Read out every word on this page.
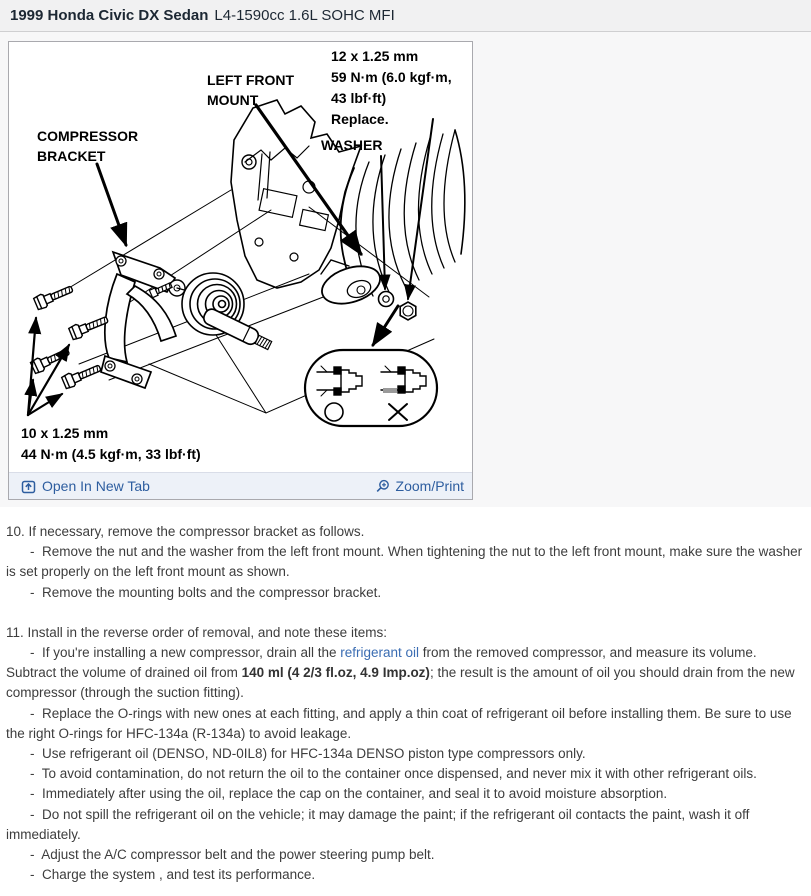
1999 Honda Civic DX Sedan L4-1590cc 1.6L SOHC MFI
12 x 1.25 mm
59 N·m (6.0 kgf·m,
43 lbf·ft)
Replace.
LEFT FRONT
MOUNT
WASHER
COMPRESSOR
BRACKET
10 x 1.25 mm
44 N·m (4.5 kgf·m, 33 lbf·ft)
Open In New Tab	Zoom/Print

10. If necessary, remove the compressor bracket as follows.

-  Remove the nut and the washer from the left front mount. When tightening the nut to the left front mount, make sure the washer is set properly on the left front mount as shown.

-  Remove the mounting bolts and the compressor bracket.

11. Install in the reverse order of removal, and note these items:

-  If you're installing a new compressor, drain all the refrigerant oil from the removed compressor, and measure its volume. Subtract the volume of drained oil from 140 ml (4 2/3 fl.oz, 4.9 Imp.oz); the result is the amount of oil you should drain from the new compressor (through the suction fitting).

-  Replace the O-rings with new ones at each fitting, and apply a thin coat of refrigerant oil before installing them. Be sure to use the right O-rings for HFC-134a (R-134a) to avoid leakage.

-  Use refrigerant oil (DENSO, ND-0IL8) for HFC-134a DENSO piston type compressors only.

-  To avoid contamination, do not return the oil to the container once dispensed, and never mix it with other refrigerant oils.

-  Immediately after using the oil, replace the cap on the container, and seal it to avoid moisture absorption.

-  Do not spill the refrigerant oil on the vehicle; it may damage the paint; if the refrigerant oil contacts the paint, wash it off immediately.

-  Adjust the A/C compressor belt and the power steering pump belt.

-  Charge the system , and test its performance.
